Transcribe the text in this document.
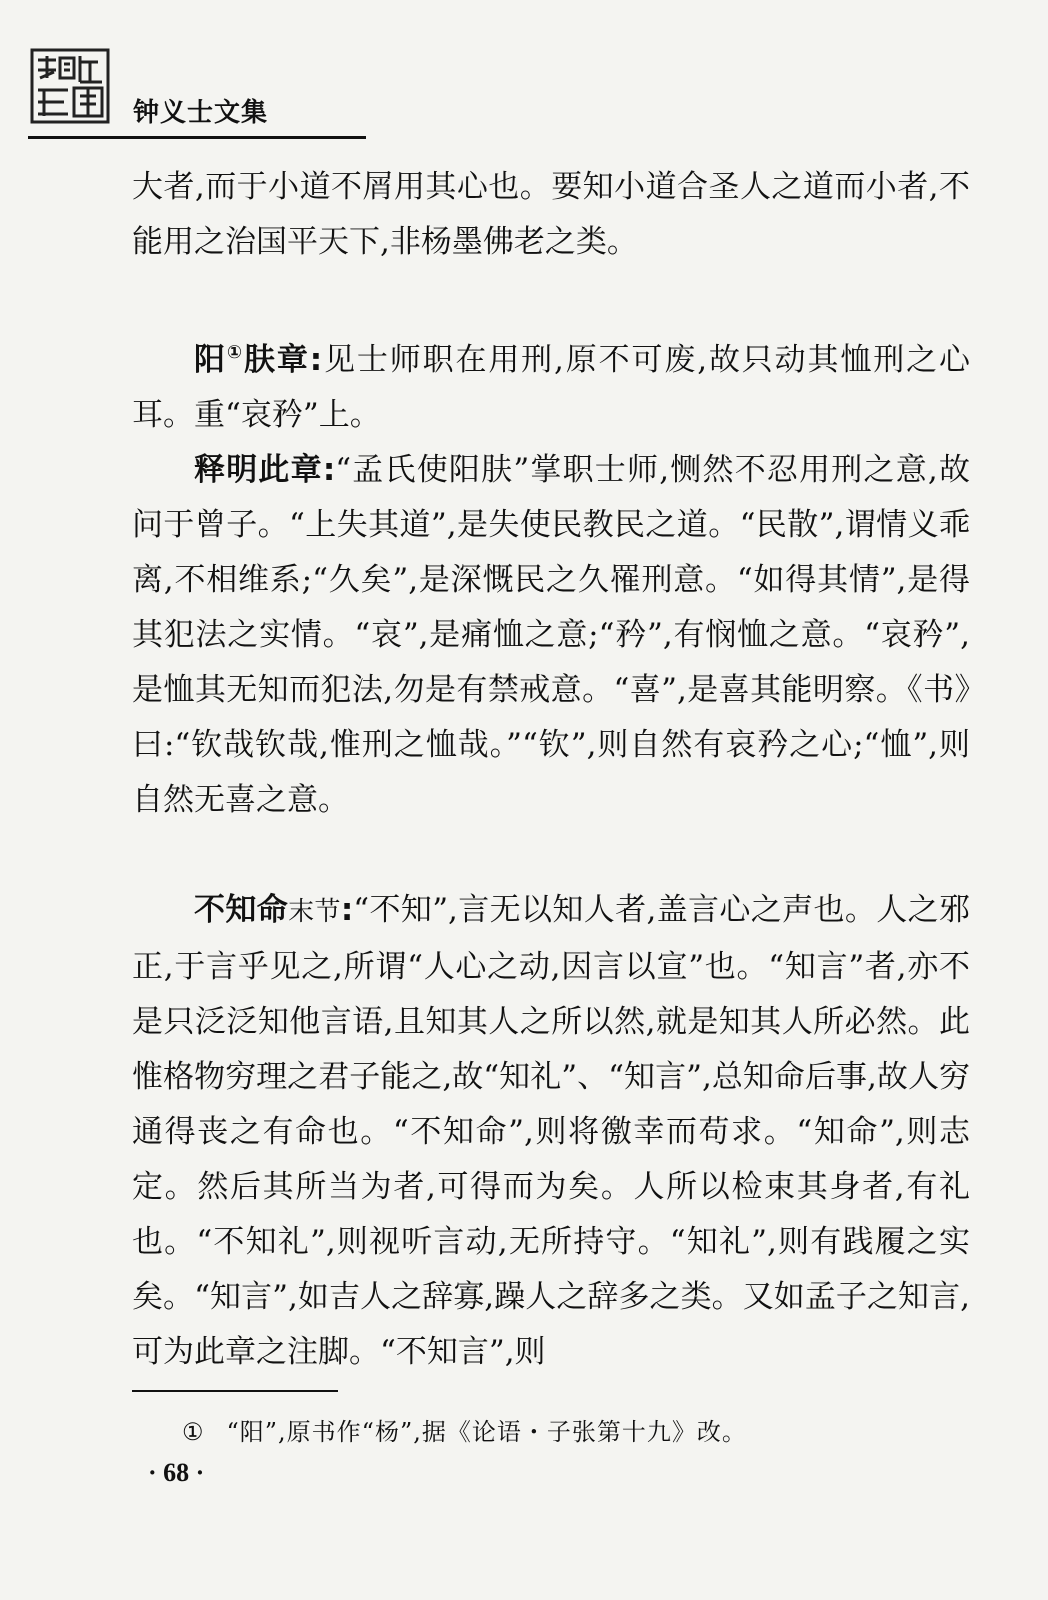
钟义士文集

大者,而于小道不屑用其心也。要知小道合圣人之道而小者,不能用之治国平天下,非杨墨佛老之类。

阳①肤章:见士师职在用刑,原不可废,故只动其恤刑之心耳。重“哀矜”上。

释明此章:“孟氏使阳肤”掌职士师,恻然不忍用刑之意,故问于曾子。“上失其道”,是失使民教民之道。“民散”,谓情义乖离,不相维系;“久矣”,是深慨民之久罹刑意。“如得其情”,是得其犯法之实情。“哀”,是痛恤之意;“矜”,有悯恤之意。“哀矜”,是恤其无知而犯法,勿是有禁戒意。“喜”,是喜其能明察。《书》曰:“钦哉钦哉,惟刑之恤哉。”“钦”,则自然有哀矜之心;“恤”,则自然无喜之意。

不知命末节:“不知”,言无以知人者,盖言心之声也。人之邪正,于言乎见之,所谓“人心之动,因言以宣”也。“知言”者,亦不是只泛泛知他言语,且知其人之所以然,就是知其人所必然。此惟格物穷理之君子能之,故“知礼”、“知言”,总知命后事,故人穷通得丧之有命也。“不知命”,则将徼幸而苟求。“知命”,则志定。然后其所当为者,可得而为矣。人所以检束其身者,有礼也。“不知礼”,则视听言动,无所持守。“知礼”,则有践履之实矣。“知言”,如吉人之辞寡,躁人之辞多之类。又如孟子之知言,可为此章之注脚。“不知言”,则

① “阳”,原书作“杨”,据《论语・子张第十九》改。
· 68 ·
